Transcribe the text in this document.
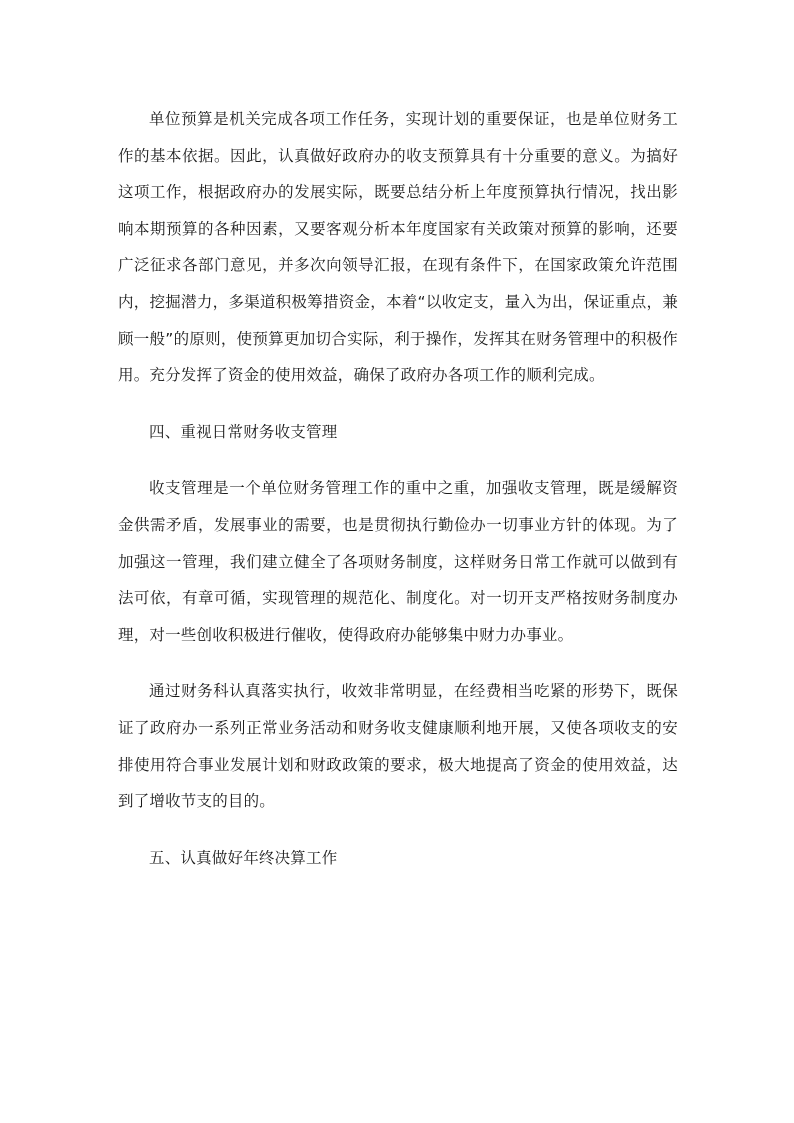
单位预算是机关完成各项工作任务，实现计划的重要保证，也是单位财务工作的基本依据。因此，认真做好政府办的收支预算具有十分重要的意义。为搞好这项工作，根据政府办的发展实际，既要总结分析上年度预算执行情况，找出影响本期预算的各种因素，又要客观分析本年度国家有关政策对预算的影响，还要广泛征求各部门意见，并多次向领导汇报，在现有条件下，在国家政策允许范围内，挖掘潜力，多渠道积极筹措资金，本着“以收定支，量入为出，保证重点，兼顾一般”的原则，使预算更加切合实际，利于操作，发挥其在财务管理中的积极作用。充分发挥了资金的使用效益，确保了政府办各项工作的顺利完成。

四、重视日常财务收支管理

收支管理是一个单位财务管理工作的重中之重，加强收支管理，既是缓解资金供需矛盾，发展事业的需要，也是贯彻执行勤俭办一切事业方针的体现。为了加强这一管理，我们建立健全了各项财务制度，这样财务日常工作就可以做到有法可依，有章可循，实现管理的规范化、制度化。对一切开支严格按财务制度办理，对一些创收积极进行催收，使得政府办能够集中财力办事业。

通过财务科认真落实执行，收效非常明显，在经费相当吃紧的形势下，既保证了政府办一系列正常业务活动和财务收支健康顺利地开展，又使各项收支的安排使用符合事业发展计划和财政政策的要求，极大地提高了资金的使用效益，达到了增收节支的目的。

五、认真做好年终决算工作
